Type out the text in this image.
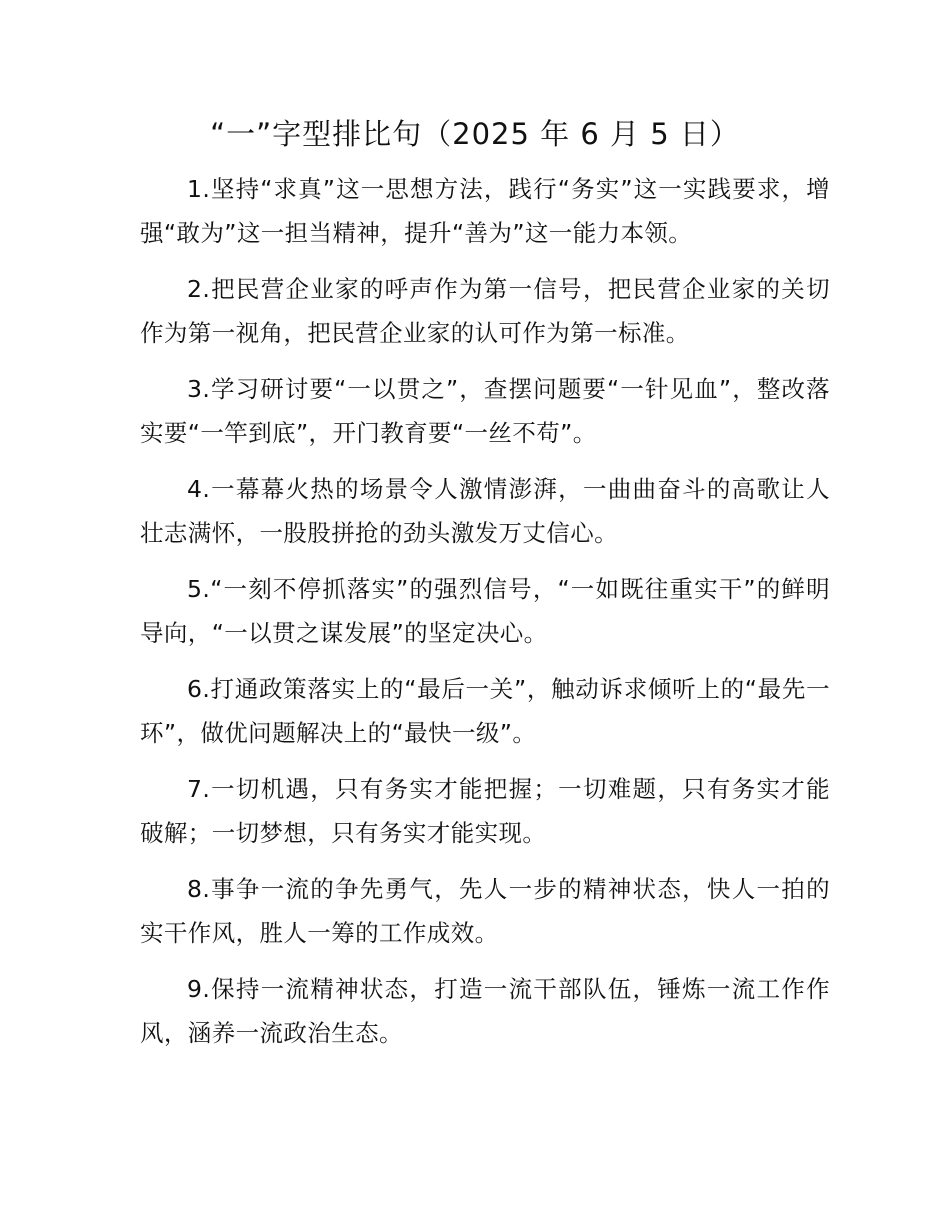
“一”字型排比句（2025 年 6 月 5 日）

1.坚持“求真”这一思想方法，践行“务实”这一实践要求，增强“敢为”这一担当精神，提升“善为”这一能力本领。

2.把民营企业家的呼声作为第一信号，把民营企业家的关切作为第一视角，把民营企业家的认可作为第一标准。

3.学习研讨要“一以贯之”，查摆问题要“一针见血”，整改落实要“一竿到底”，开门教育要“一丝不苟”。

4.一幕幕火热的场景令人激情澎湃，一曲曲奋斗的高歌让人壮志满怀，一股股拼抢的劲头激发万丈信心。

5.“一刻不停抓落实”的强烈信号，“一如既往重实干”的鲜明导向，“一以贯之谋发展”的坚定决心。

6.打通政策落实上的“最后一关”，触动诉求倾听上的“最先一环”，做优问题解决上的“最快一级”。

7.一切机遇，只有务实才能把握；一切难题，只有务实才能破解；一切梦想，只有务实才能实现。

8.事争一流的争先勇气，先人一步的精神状态，快人一拍的实干作风，胜人一筹的工作成效。

9.保持一流精神状态，打造一流干部队伍，锤炼一流工作作风，涵养一流政治生态。
